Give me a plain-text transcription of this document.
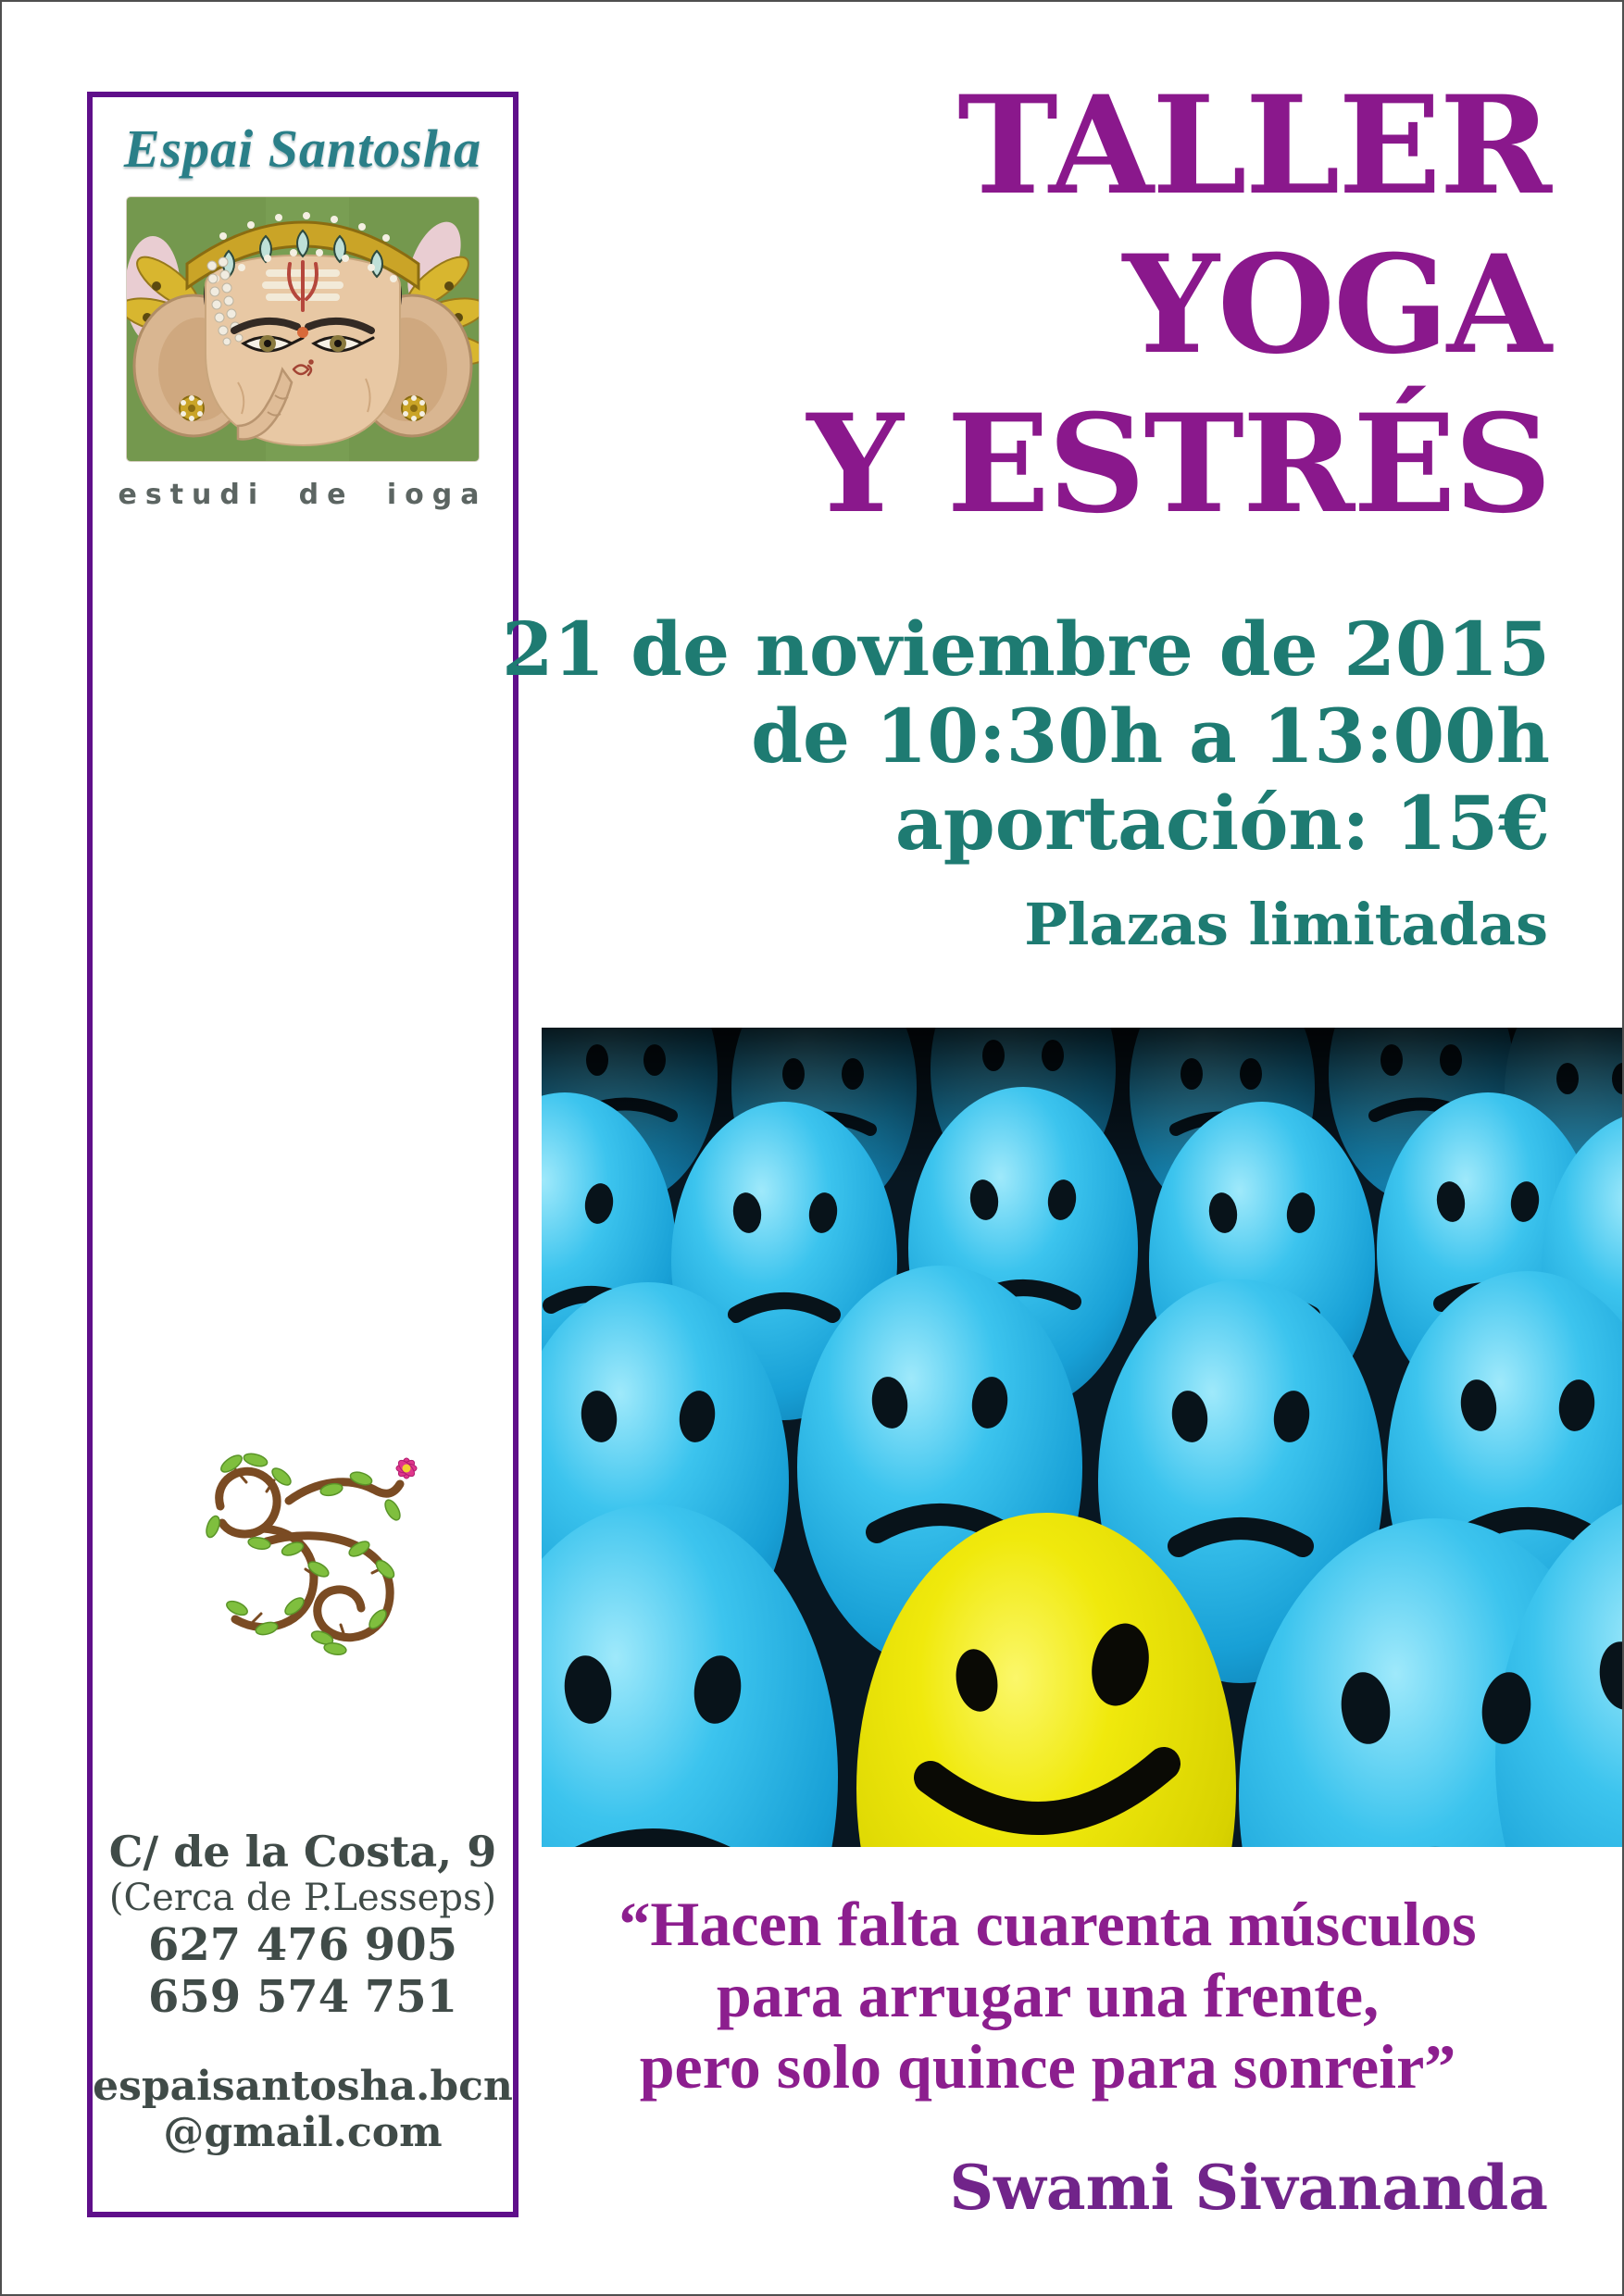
Espai Santosha
estudi de ioga
C/ de la Costa, 9
(Cerca de P.Lesseps)
627 476 905
659 574 751
espaisantosha.bcn
@gmail.com
TALLER
YOGA
Y ESTRÉS
21 de noviembre de 2015
de 10:30h a 13:00h
aportación: 15€
Plazas limitadas
“Hacen falta cuarenta músculos
para arrugar una frente,
pero solo quince para sonreir”
Swami Sivananda
